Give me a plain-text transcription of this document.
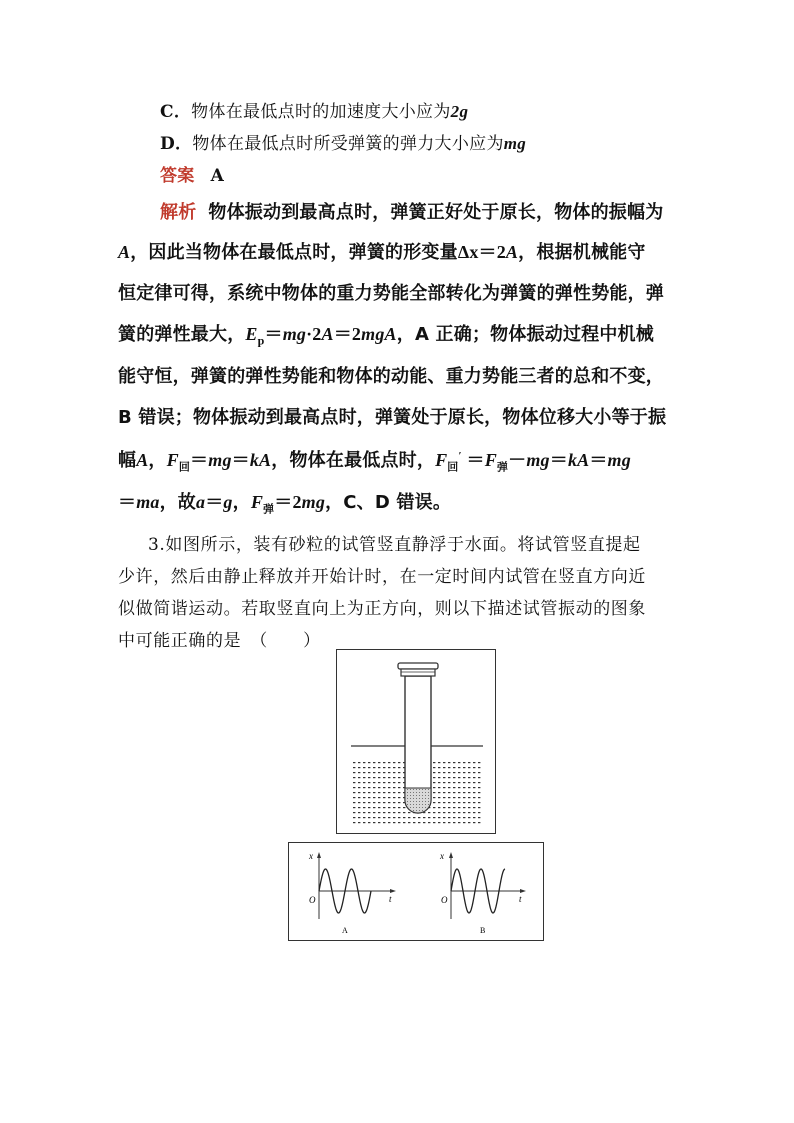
C．物体在最低点时的加速度大小应为2g
D．物体在最低点时所受弹簧的弹力大小应为mg
答案 A
解析 物体振动到最高点时，弹簧正好处于原长，物体的振幅为
A，因此当物体在最低点时，弹簧的形变量Δx＝2A，根据机械能守
恒定律可得，系统中物体的重力势能全部转化为弹簧的弹性势能，弹
簧的弹性最大，$E_p=mg\cdot 2A=2mgA$，A 正确；物体振动过程中机械
能守恒，弹簧的弹性势能和物体的动能、重力势能三者的总和不变，
B 错误；物体振动到最高点时，弹簧处于原长，物体位移大小等于振
幅A，$F_回=mg=kA$，物体在最低点时，$F_回' =F_弹-mg=kA=mg$
＝ma，故a＝g，$F_弹=2mg$，C、D 错误。
3.如图所示，装有砂粒的试管竖直静浮于水面。将试管竖直提起
少许，然后由静止释放并开始计时，在一定时间内试管在竖直方向近
似做简谐运动。若取竖直向上为正方向，则以下描述试管振动的图象
中可能正确的是　（　　）
x
t
O
A
x
t
O
B
